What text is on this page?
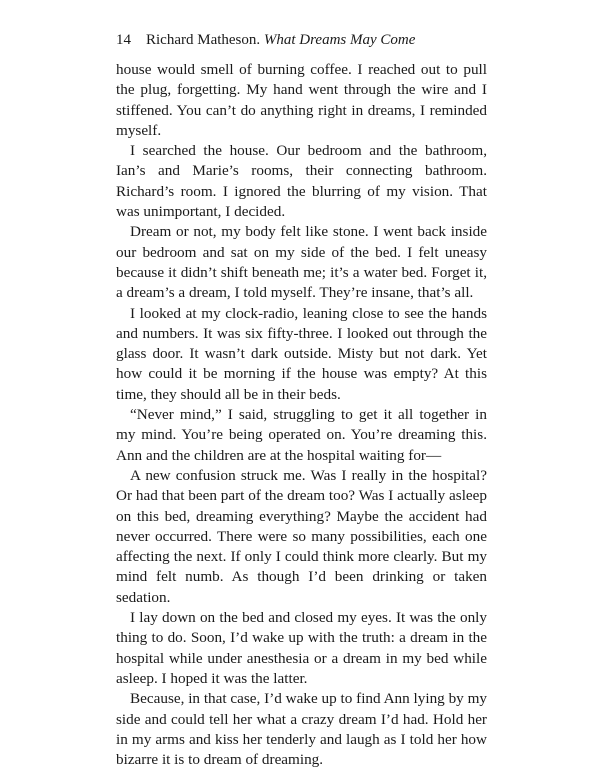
14 Richard Matheson. What Dreams May Come

house would smell of burning coffee. I reached out to pull the plug, forgetting. My hand went through the wire and I stiffened. You can’t do anything right in dreams, I reminded myself.

I searched the house. Our bedroom and the bathroom, Ian’s and Marie’s rooms, their connecting bathroom. Richard’s room. I ignored the blurring of my vision. That was unimportant, I decided.

Dream or not, my body felt like stone. I went back inside our bedroom and sat on my side of the bed. I felt uneasy because it didn’t shift beneath me; it’s a water bed. Forget it, a dream’s a dream, I told myself. They’re insane, that’s all.

I looked at my clock-radio, leaning close to see the hands and numbers. It was six fifty-three. I looked out through the glass door. It wasn’t dark outside. Misty but not dark. Yet how could it be morning if the house was empty? At this time, they should all be in their beds.

“Never mind,” I said, struggling to get it all together in my mind. You’re being operated on. You’re dreaming this. Ann and the children are at the hospital waiting for—

A new confusion struck me. Was I really in the hospital? Or had that been part of the dream too? Was I actually asleep on this bed, dreaming everything? Maybe the accident had never occurred. There were so many possibilities, each one affecting the next. If only I could think more clearly. But my mind felt numb. As though I’d been drinking or taken sedation.

I lay down on the bed and closed my eyes. It was the only thing to do. Soon, I’d wake up with the truth: a dream in the hospital while under anesthesia or a dream in my bed while asleep. I hoped it was the latter.

Because, in that case, I’d wake up to find Ann lying by my side and could tell her what a crazy dream I’d had. Hold her in my arms and kiss her tenderly and laugh as I told her how bizarre it is to dream of dreaming.
